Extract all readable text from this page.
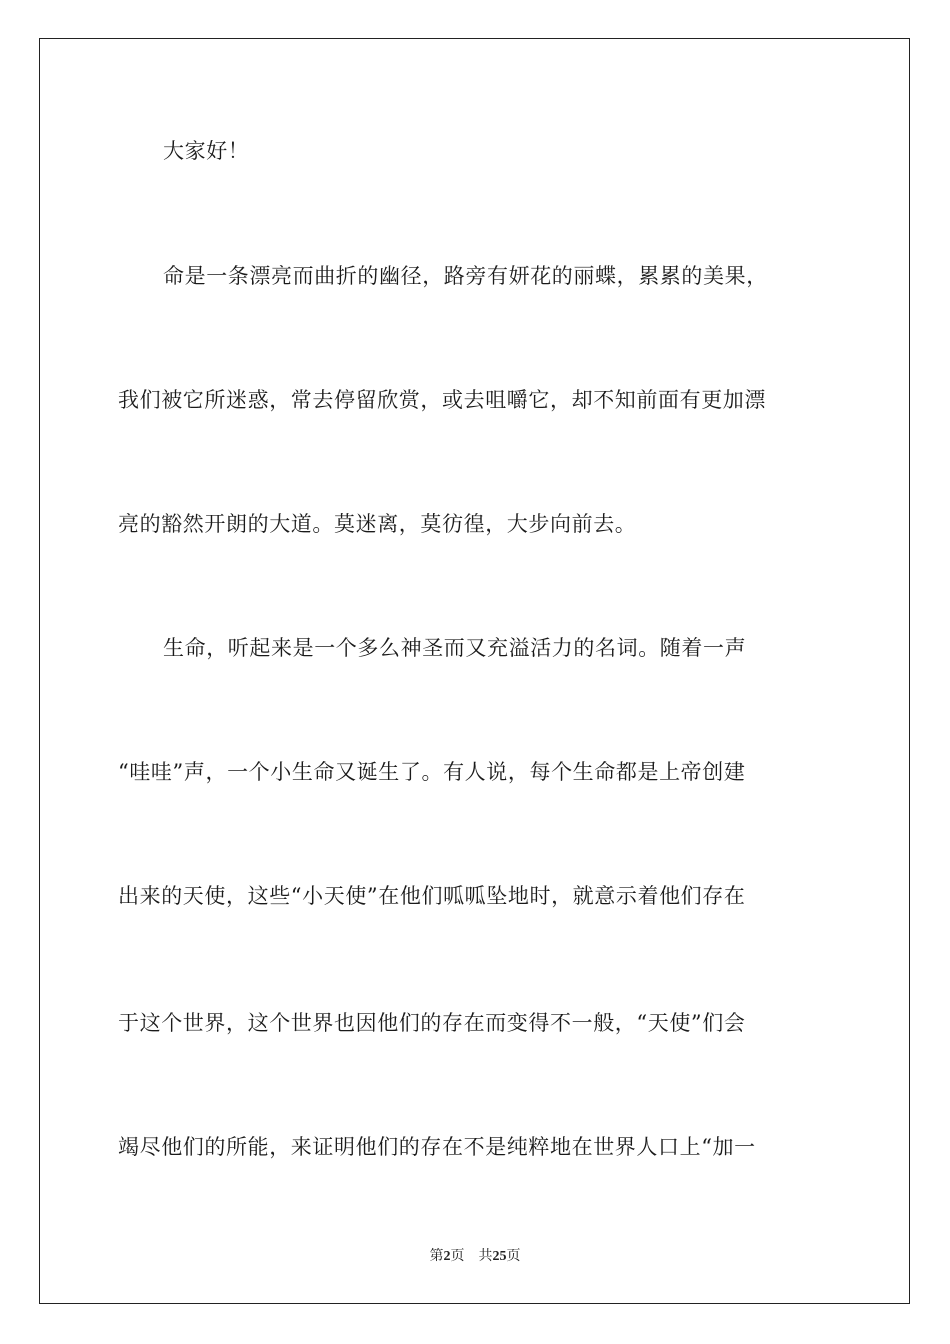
大家好！
命是一条漂亮而曲折的幽径，路旁有妍花的丽蝶，累累的美果，
我们被它所迷惑，常去停留欣赏，或去咀嚼它，却不知前面有更加漂
亮的豁然开朗的大道。莫迷离，莫彷徨，大步向前去。
生命，听起来是一个多么神圣而又充溢活力的名词。随着一声
“哇哇”声，一个小生命又诞生了。有人说，每个生命都是上帝创建
出来的天使，这些“小天使”在他们呱呱坠地时，就意示着他们存在
于这个世界，这个世界也因他们的存在而变得不一般，“天使”们会
竭尽他们的所能，来证明他们的存在不是纯粹地在世界人口上“加一
第2页 共25页
